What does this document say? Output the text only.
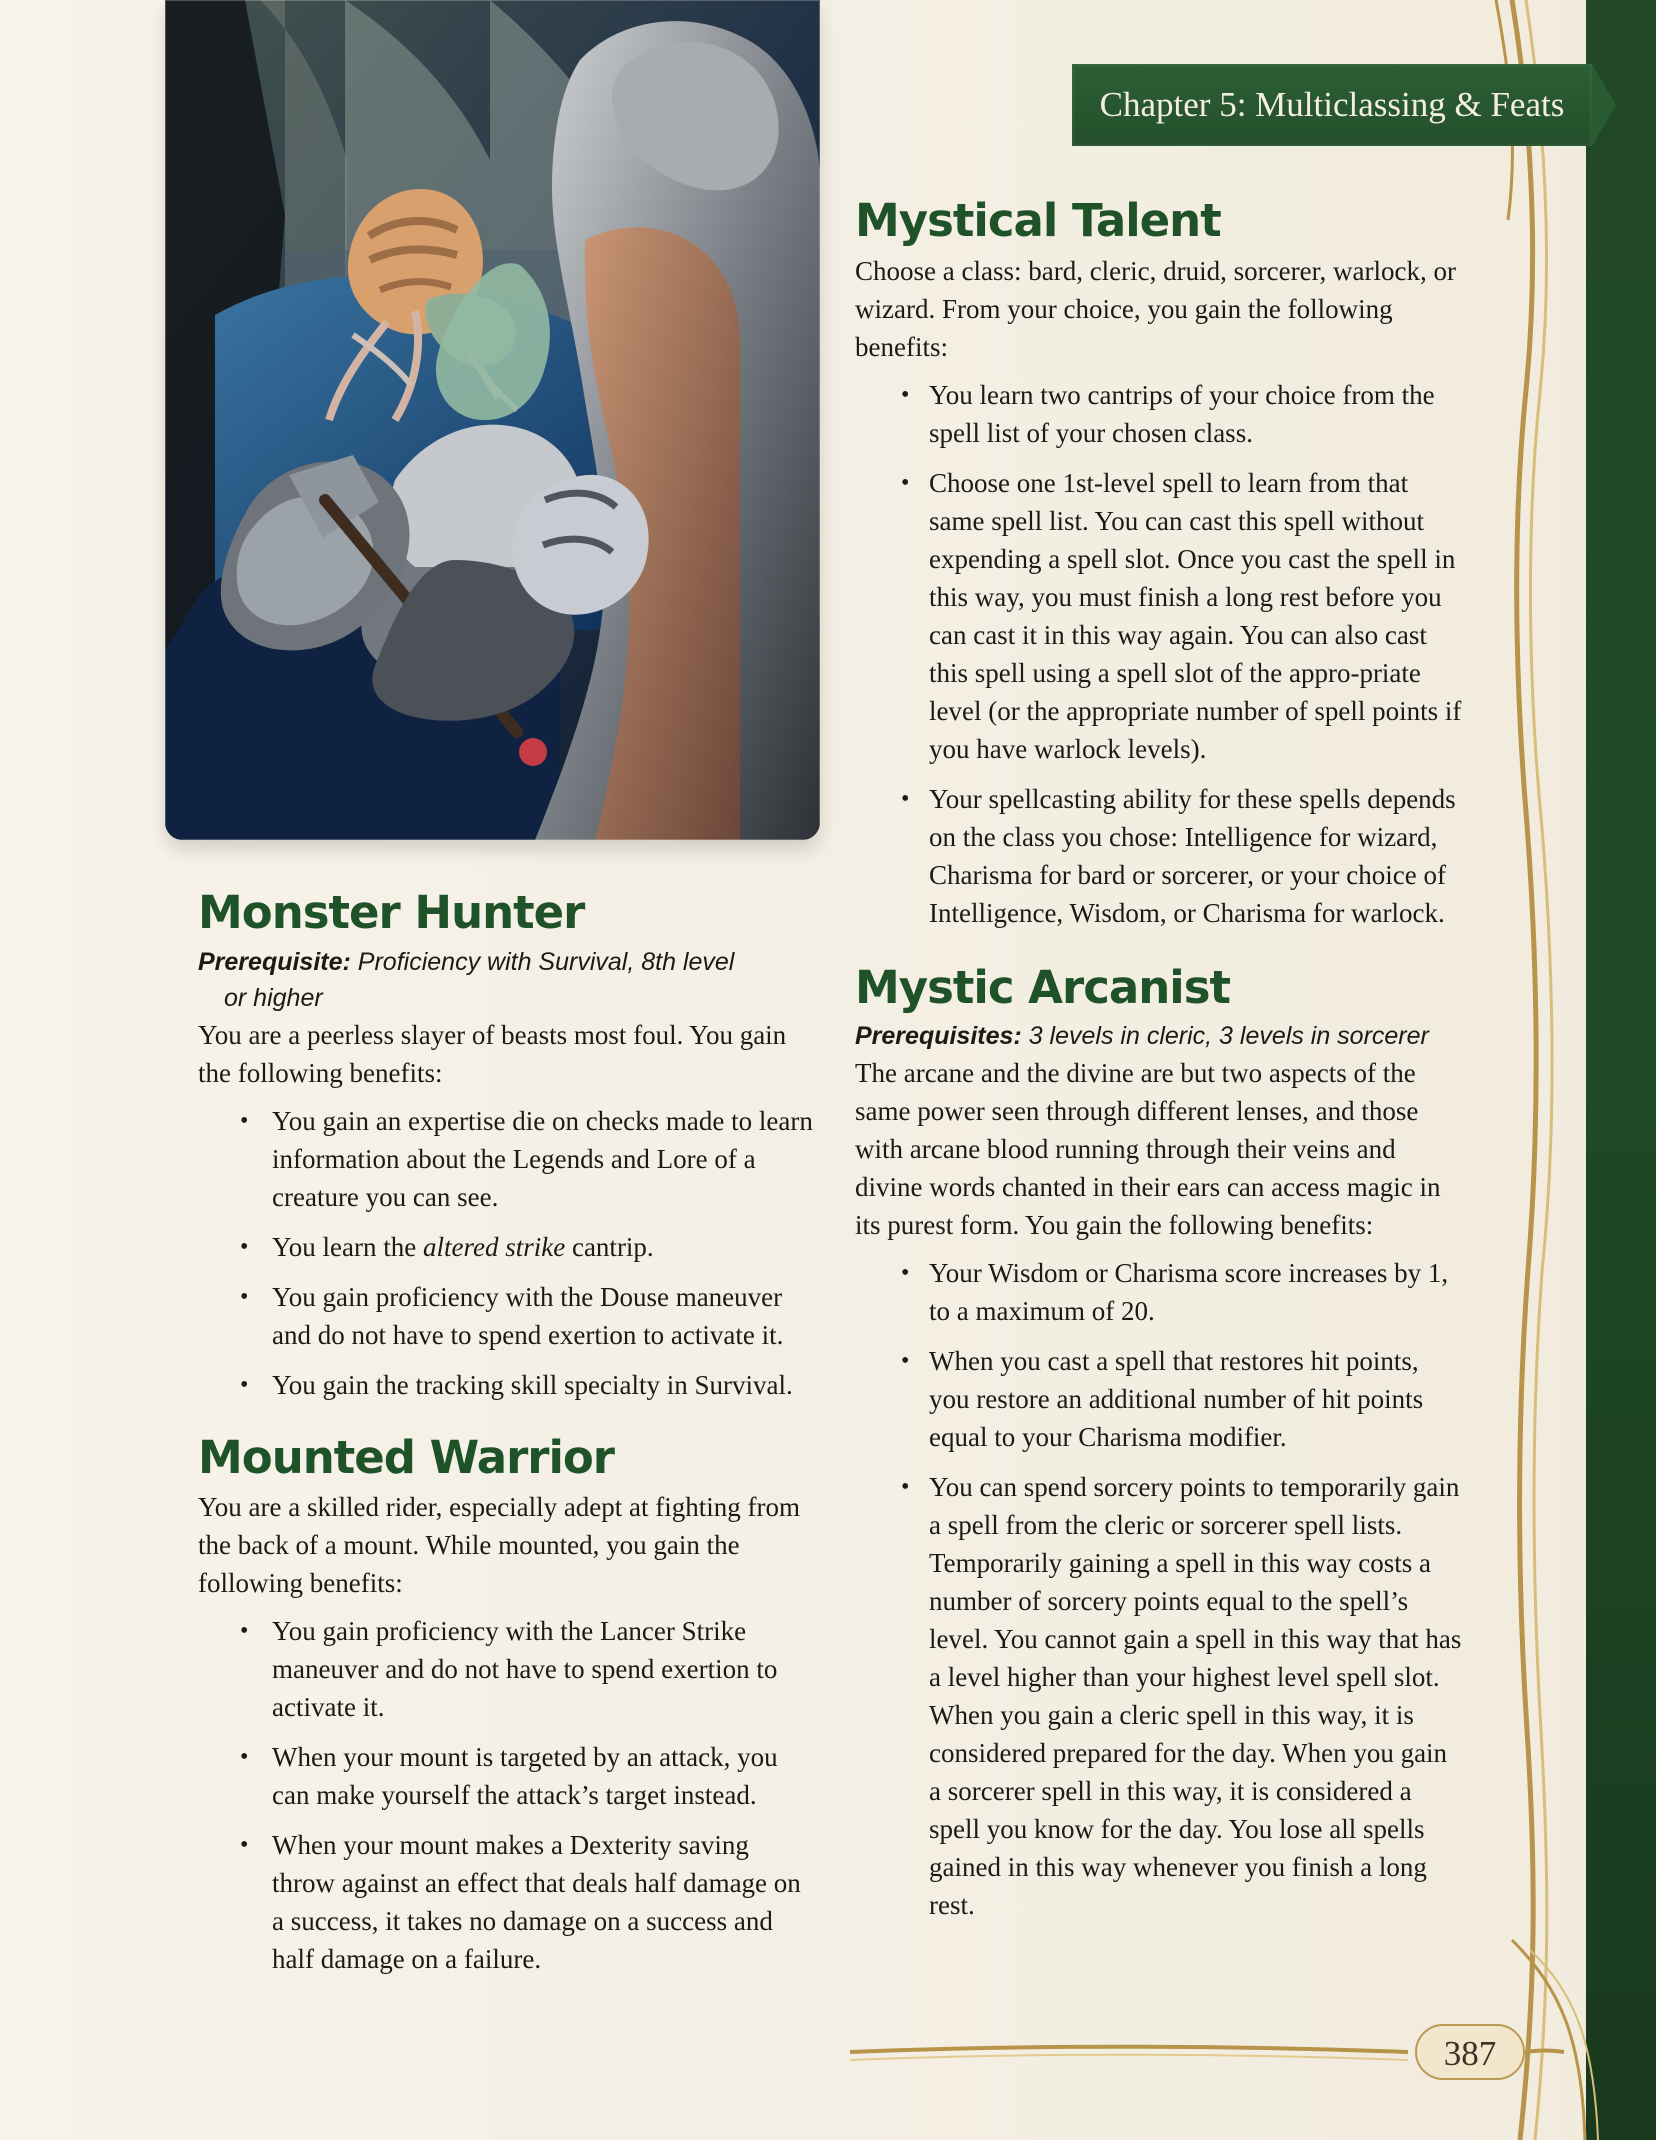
Chapter 5: Multiclassing & Feats
Mystical Talent

Choose a class: bard, cleric, druid, sorcerer, warlock, or wizard. From your choice, you gain the following benefits:

• You learn two cantrips of your choice from the spell list of your chosen class.
• Choose one 1st-level spell to learn from that same spell list. You can cast this spell without expending a spell slot. Once you cast the spell in this way, you must finish a long rest before you can cast it in this way again. You can also cast this spell using a spell slot of the appro-priate level (or the appropriate number of spell points if you have warlock levels).
• Your spellcasting ability for these spells depends on the class you chose: Intelligence for wizard, Charisma for bard or sorcerer, or your choice of Intelligence, Wisdom, or Charisma for warlock.
Mystic Arcanist

Prerequisites: 3 levels in cleric, 3 levels in sorcerer

The arcane and the divine are but two aspects of the same power seen through different lenses, and those with arcane blood running through their veins and divine words chanted in their ears can access magic in its purest form. You gain the following benefits:

• Your Wisdom or Charisma score increases by 1, to a maximum of 20.
• When you cast a spell that restores hit points, you restore an additional number of hit points equal to your Charisma modifier.
• You can spend sorcery points to temporarily gain a spell from the cleric or sorcerer spell lists. Temporarily gaining a spell in this way costs a number of sorcery points equal to the spell’s level. You cannot gain a spell in this way that has a level higher than your highest level spell slot. When you gain a cleric spell in this way, it is considered prepared for the day. When you gain a sorcerer spell in this way, it is considered a spell you know for the day. You lose all spells gained in this way whenever you finish a long rest.
Monster Hunter

Prerequisite: Proficiency with Survival, 8th level
or higher

You are a peerless slayer of beasts most foul. You gain the following benefits:

• You gain an expertise die on checks made to learn information about the Legends and Lore of a creature you can see.
• You learn the altered strike cantrip.
• You gain proficiency with the Douse maneuver and do not have to spend exertion to activate it.
• You gain the tracking skill specialty in Survival.
Mounted Warrior

You are a skilled rider, especially adept at fighting from the back of a mount. While mounted, you gain the following benefits:

• You gain proficiency with the Lancer Strike maneuver and do not have to spend exertion to activate it.
• When your mount is targeted by an attack, you can make yourself the attack’s target instead.
• When your mount makes a Dexterity saving throw against an effect that deals half damage on a success, it takes no damage on a success and half damage on a failure.
387
